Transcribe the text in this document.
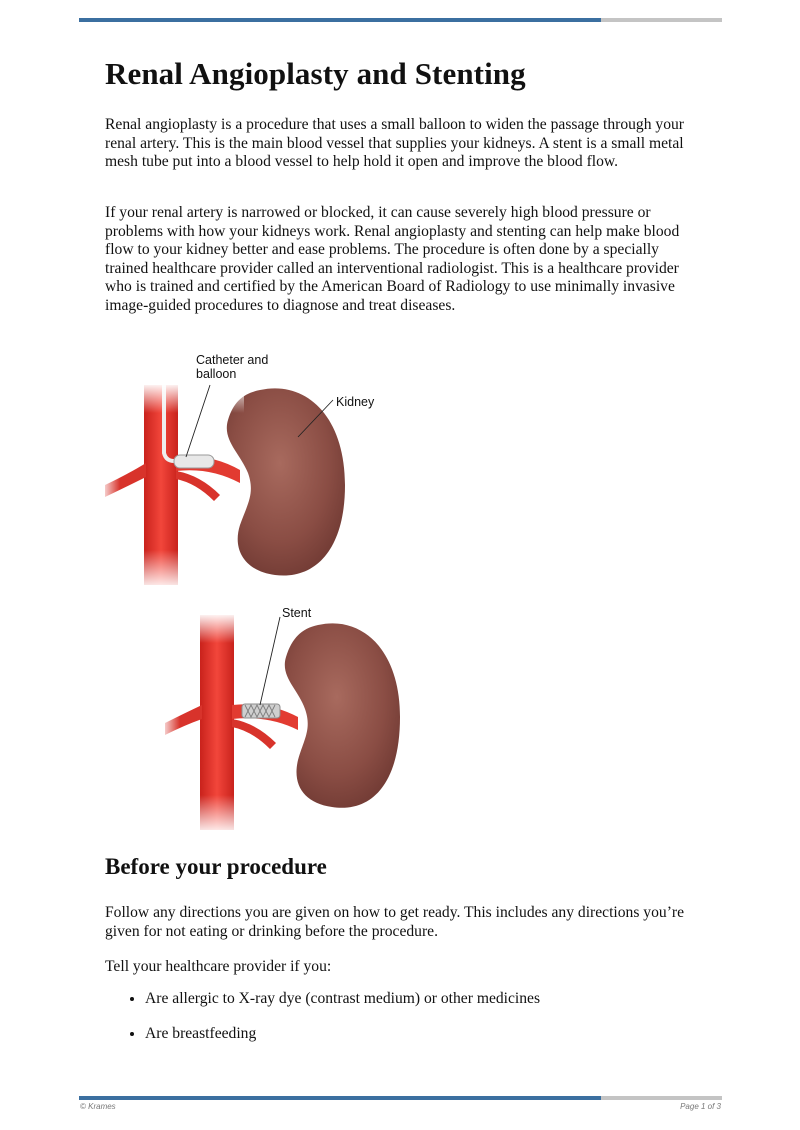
Renal Angioplasty and Stenting

Renal angioplasty is a procedure that uses a small balloon to widen the passage through your renal artery. This is the main blood vessel that supplies your kidneys. A stent is a small metal mesh tube put into a blood vessel to help hold it open and improve the blood flow.

If your renal artery is narrowed or blocked, it can cause severely high blood pressure or problems with how your kidneys work. Renal angioplasty and stenting can help make blood flow to your kidney better and ease problems. The procedure is often done by a specially trained healthcare provider called an interventional radiologist. This is a healthcare provider who is trained and certified by the American Board of Radiology to use minimally invasive image-guided procedures to diagnose and treat diseases.

Catheter and
balloon
Kidney
Stent
Before your procedure

Follow any directions you are given on how to get ready. This includes any directions you’re given for not eating or drinking before the procedure.

Tell your healthcare provider if you:

• Are allergic to X-ray dye (contrast medium) or other medicines
• Are breastfeeding
© Krames	Page 1 of 3
